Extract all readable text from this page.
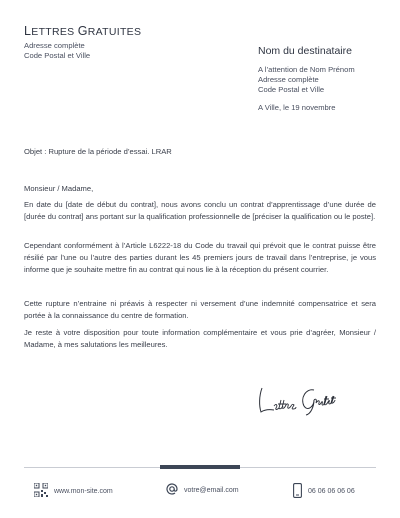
LETTRES GRATUITES
Adresse complète
Code Postal et Ville	Nom du destinataire
A l’attention de Nom Prénom
Adresse complète
Code Postal et Ville
A Ville, le 19 novembre
Objet : Rupture de la période d’essai. LRAR
Monsieur / Madame,
En date du [date de début du contrat], nous avons conclu un contrat d’apprentissage d’une durée de [durée du contrat] ans portant sur la qualification professionnelle de [préciser la qualification ou le poste].
Cependant conformément à l’Article L6222-18 du Code du travail qui prévoit que le contrat puisse être résilié par l’une ou l’autre des parties durant les 45 premiers jours de travail dans l’entreprise, je vous informe que je souhaite mettre fin au contrat qui nous lie à la réception du présent courrier.
Cette rupture n’entraine ni préavis à respecter ni versement d’une indemnité compensatrice et sera portée à la connaissance du centre de formation.
Je reste à votre disposition pour toute information complémentaire et vous prie d’agréer, Monsieur / Madame, à mes salutations les meilleures.
www.mon-site.com	votre@email.com	06 06 06 06 06
